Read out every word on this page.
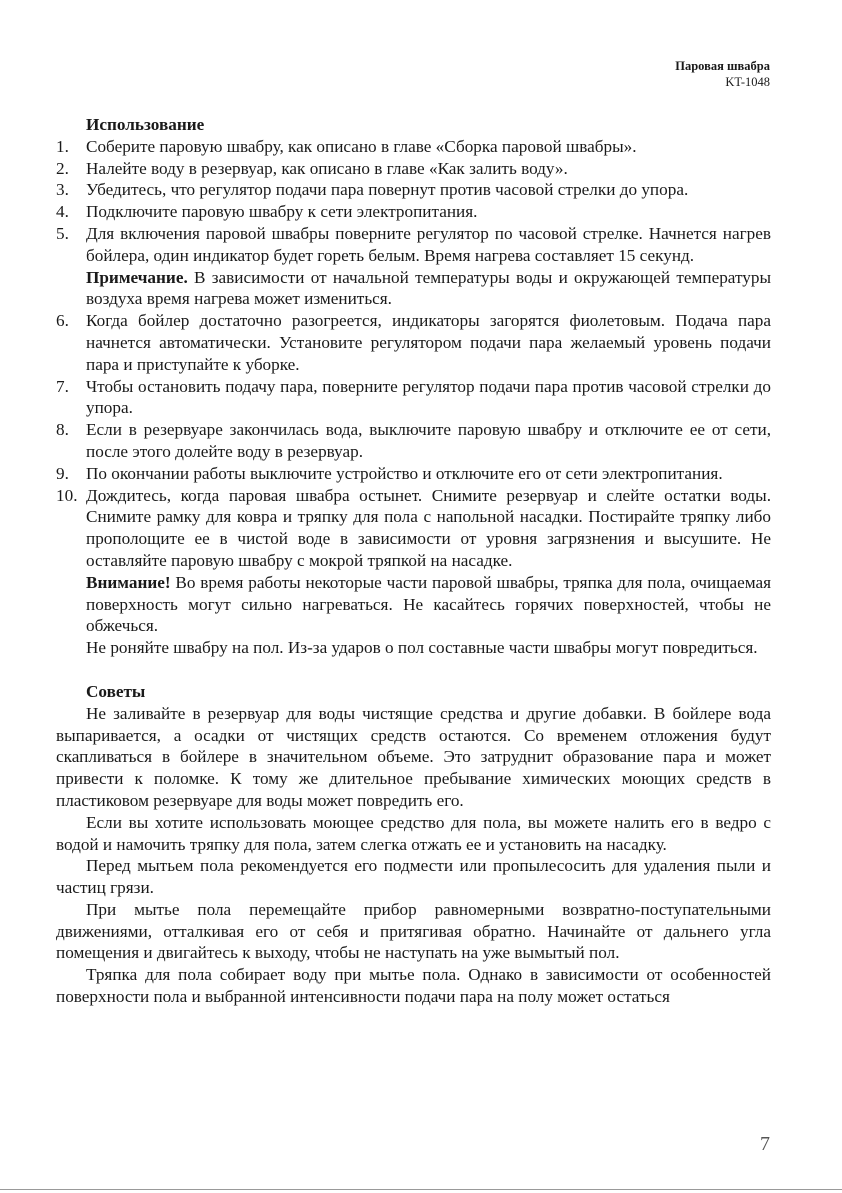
Паровая швабра
KT-1048
Использование
1. Соберите паровую швабру, как описано в главе «Сборка паровой швабры».
2. Налейте воду в резервуар, как описано в главе «Как залить воду».
3. Убедитесь, что регулятор подачи пара повернут против часовой стрелки до упора.
4. Подключите паровую швабру к сети электропитания.
5. Для включения паровой швабры поверните регулятор по часовой стрелке. Начнется нагрев бойлера, один индикатор будет гореть белым. Время нагрева составляет 15 секунд.
Примечание. В зависимости от начальной температуры воды и окружающей температуры воздуха время нагрева может измениться.
6. Когда бойлер достаточно разогреется, индикаторы загорятся фиолетовым. Подача пара начнется автоматически. Установите регулятором подачи пара желаемый уровень подачи пара и приступайте к уборке.
7. Чтобы остановить подачу пара, поверните регулятор подачи пара против часовой стрелки до упора.
8. Если в резервуаре закончилась вода, выключите паровую швабру и отключите ее от сети, после этого долейте воду в резервуар.
9. По окончании работы выключите устройство и отключите его от сети электропитания.
10. Дождитесь, когда паровая швабра остынет. Снимите резервуар и слейте остатки воды. Снимите рамку для ковра и тряпку для пола с напольной насадки. Постирайте тряпку либо прополощите ее в чистой воде в зависимости от уровня загрязнения и высушите. Не оставляйте паровую швабру с мокрой тряпкой на насадке.
Внимание! Во время работы некоторые части паровой швабры, тряпка для пола, очищаемая поверхность могут сильно нагреваться. Не касайтесь горячих поверхностей, чтобы не обжечься.
Не роняйте швабру на пол. Из-за ударов о пол составные части швабры могут повредиться.
Советы
Не заливайте в резервуар для воды чистящие средства и другие добавки. В бойлере вода выпаривается, а осадки от чистящих средств остаются. Со временем отложения будут скапливаться в бойлере в значительном объеме. Это затруднит образование пара и может привести к поломке. К тому же длительное пребывание химических моющих средств в пластиковом резервуаре для воды может повредить его.
Если вы хотите использовать моющее средство для пола, вы можете налить его в ведро с водой и намочить тряпку для пола, затем слегка отжать ее и установить на насадку.
Перед мытьем пола рекомендуется его подмести или пропылесосить для удаления пыли и частиц грязи.
При мытье пола перемещайте прибор равномерными возвратно-поступательными движениями, отталкивая его от себя и притягивая обратно. Начинайте от дальнего угла помещения и двигайтесь к выходу, чтобы не наступать на уже вымытый пол.
Тряпка для пола собирает воду при мытье пола. Однако в зависимости от особенностей поверхности пола и выбранной интенсивности подачи пара на полу может остаться
7
